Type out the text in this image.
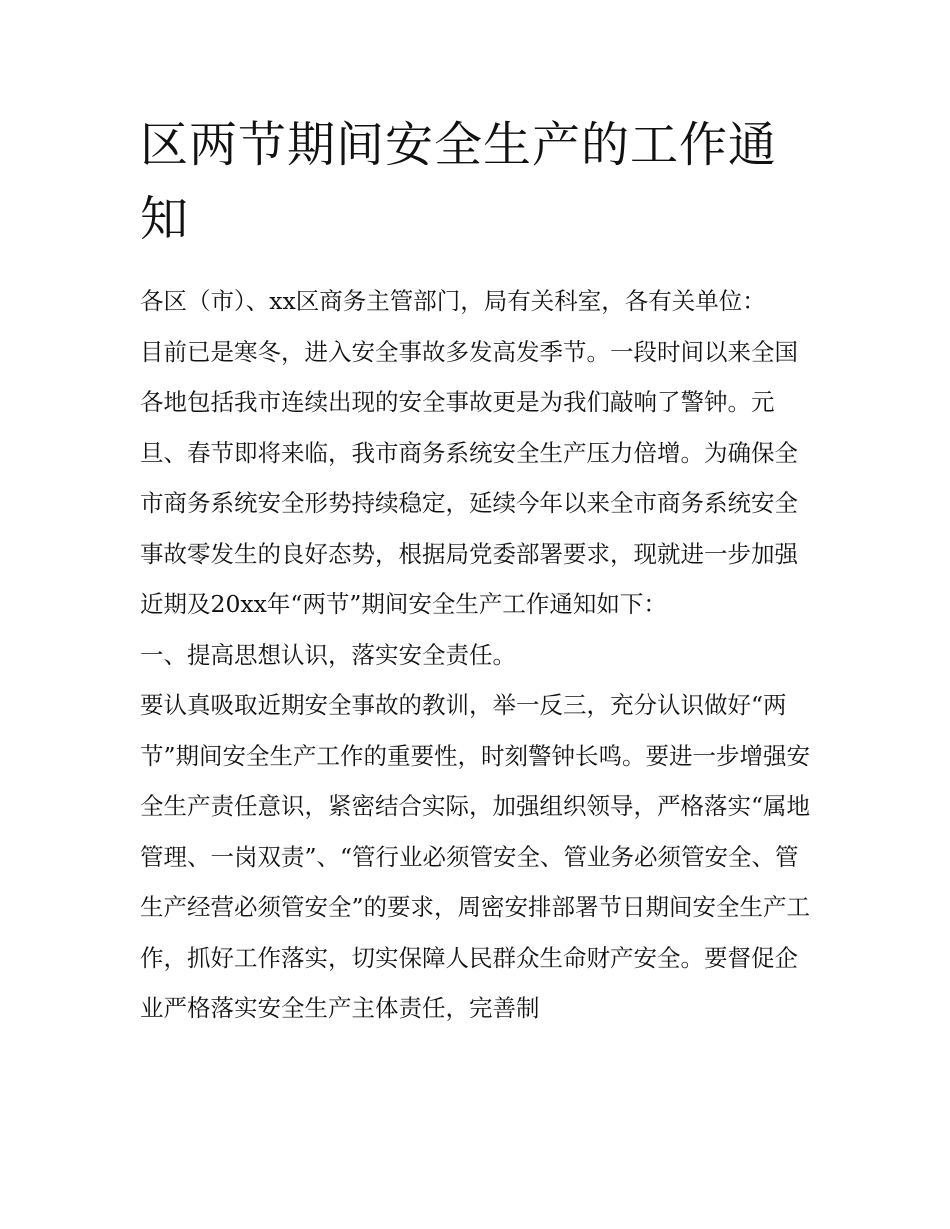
区两节期间安全生产的工作通知

各区（市）、xx区商务主管部门，局有关科室，各有关单位：

目前已是寒冬，进入安全事故多发高发季节。一段时间以来全国各地包括我市连续出现的安全事故更是为我们敲响了警钟。元旦、春节即将来临，我市商务系统安全生产压力倍增。为确保全市商务系统安全形势持续稳定，延续今年以来全市商务系统安全事故零发生的良好态势，根据局党委部署要求，现就进一步加强近期及20xx年“两节”期间安全生产工作通知如下：

一、提高思想认识，落实安全责任。

要认真吸取近期安全事故的教训，举一反三，充分认识做好“两节”期间安全生产工作的重要性，时刻警钟长鸣。要进一步增强安全生产责任意识，紧密结合实际，加强组织领导，严格落实“属地管理、一岗双责”、“管行业必须管安全、管业务必须管安全、管生产经营必须管安全”的要求，周密安排部署节日期间安全生产工作，抓好工作落实，切实保障人民群众生命财产安全。要督促企业严格落实安全生产主体责任，完善制
